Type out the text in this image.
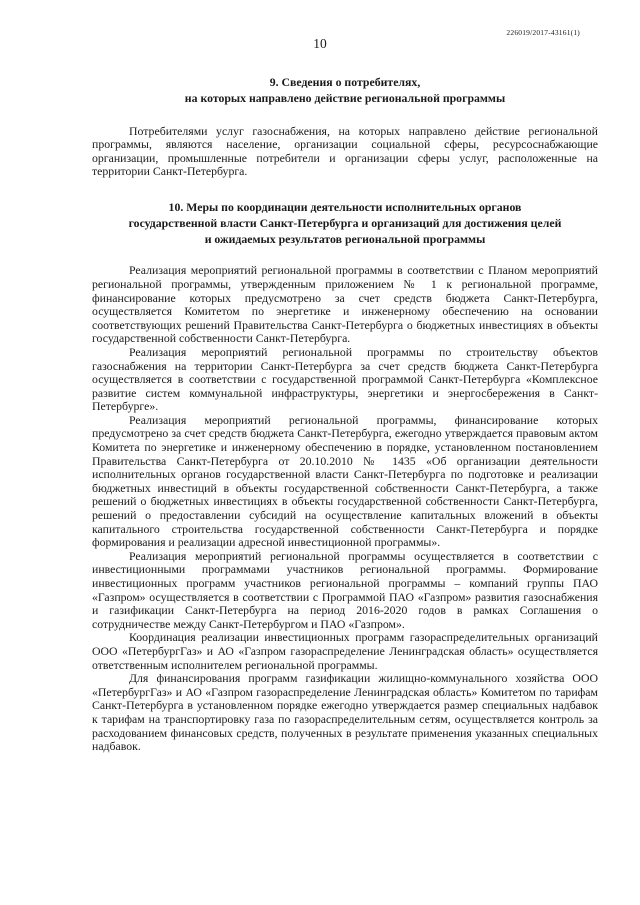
226019/2017-43161(1)
10
9. Сведения о потребителях,
на которых направлено действие региональной программы

Потребителями услуг газоснабжения, на которых направлено действие региональной программы, являются население, организации социальной сферы, ресурсоснабжающие организации, промышленные потребители и организации сферы услуг, расположенные на территории Санкт-Петербурга.

10. Меры по координации деятельности исполнительных органов
государственной власти Санкт-Петербурга и организаций для достижения целей
и ожидаемых результатов региональной программы

Реализация мероприятий региональной программы в соответствии с Планом мероприятий региональной программы, утвержденным приложением № 1 к региональной программе, финансирование которых предусмотрено за счет средств бюджета Санкт-Петербурга, осуществляется Комитетом по энергетике и инженерному обеспечению на основании соответствующих решений Правительства Санкт-Петербурга о бюджетных инвестициях в объекты государственной собственности Санкт-Петербурга.

Реализация мероприятий региональной программы по строительству объектов газоснабжения на территории Санкт-Петербурга за счет средств бюджета Санкт-Петербурга осуществляется в соответствии с государственной программой Санкт-Петербурга «Комплексное развитие систем коммунальной инфраструктуры, энергетики и энергосбережения в Санкт-Петербурге».

Реализация мероприятий региональной программы, финансирование которых предусмотрено за счет средств бюджета Санкт-Петербурга, ежегодно утверждается правовым актом Комитета по энергетике и инженерному обеспечению в порядке, установленном постановлением Правительства Санкт-Петербурга от 20.10.2010 № 1435 «Об организации деятельности исполнительных органов государственной власти Санкт-Петербурга по подготовке и реализации бюджетных инвестиций в объекты государственной собственности Санкт-Петербурга, а также решений о бюджетных инвестициях в объекты государственной собственности Санкт-Петербурга, решений о предоставлении субсидий на осуществление капитальных вложений в объекты капитального строительства государственной собственности Санкт-Петербурга и порядке формирования и реализации адресной инвестиционной программы».

Реализация мероприятий региональной программы осуществляется в соответствии с инвестиционными программами участников региональной программы. Формирование инвестиционных программ участников региональной программы – компаний группы ПАО «Газпром» осуществляется в соответствии с Программой ПАО «Газпром» развития газоснабжения и газификации Санкт-Петербурга на период 2016-2020 годов в рамках Соглашения о сотрудничестве между Санкт-Петербургом и ПАО «Газпром».

Координация реализации инвестиционных программ газораспределительных организаций ООО «ПетербургГаз» и АО «Газпром газораспределение Ленинградская область» осуществляется ответственным исполнителем региональной программы.

Для финансирования программ газификации жилищно-коммунального хозяйства ООО «ПетербургГаз» и АО «Газпром газораспределение Ленинградская область» Комитетом по тарифам Санкт-Петербурга в установленном порядке ежегодно утверждается размер специальных надбавок к тарифам на транспортировку газа по газораспределительным сетям, осуществляется контроль за расходованием финансовых средств, полученных в результате применения указанных специальных надбавок.
